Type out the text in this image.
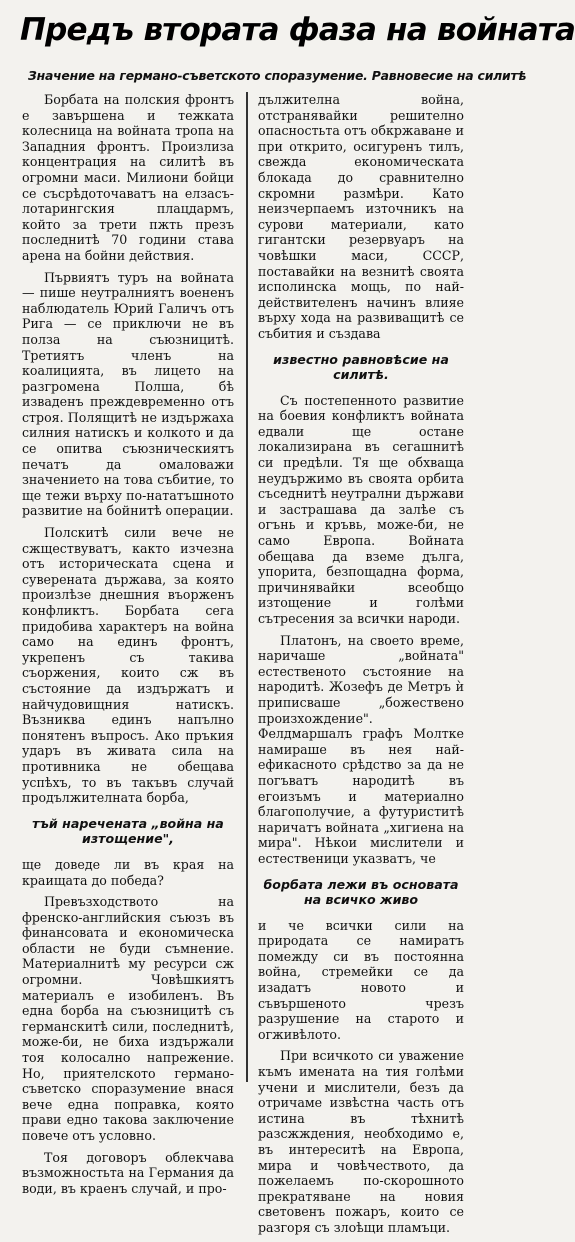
Предъ втората фаза на войната
Значение на германо-съветското споразумение. Равновесие на силитѣ

Борбата на полския фронтъ е завършена и тежката колесница на войната тропа на Западния фронтъ. Произлиза концентрация на силитѣ въ огромни маси. Милиони бойци се съсрѣдоточаватъ на елзасъ-лотарингския плацдармъ, който за трети пжть презъ последнитѣ 70 години става арена на бойни действия.

Първиятъ туръ на войната — пише неутралниятъ воененъ наблюдатель Юрий Галичъ отъ Рига — се приключи не въ полза на съюзницитѣ. Третиятъ членъ на коалицията, въ лицето на разгромена Полша, бѣ изваденъ преждевременно отъ строя. Полящитѣ не издържаха силния натискъ и колкото и да се опитва съюзническиятъ печатъ да омаловажи значението на това събитие, то ще тежи върху по-нататъшното развитие на бойнитѣ операции.

Полскитѣ сили вече не сжществуватъ, както изчезна отъ историческата сцена и суверената държава, за която произлѣзе днешния въорженъ конфликтъ. Борбата сега придобива характеръ на война само на единъ фронтъ, укрепенъ съ такива съоржения, които сж въ състояние да издържатъ и найчудовищния натискъ. Възниква единъ напълно понятенъ въпросъ. Ако пръкия ударъ въ живата сила на противника не обещава успѣхъ, то въ такъвъ случай продължителната борба,

тъй наречената „война на изтощение",

ще доведе ли въ края на краищата до победа?

Превъзходството на френско-английския съюзъ въ финансовата и економическа области не буди съмнение. Материалнитѣ му ресурси сж огромни. Човѣшкиятъ материалъ е изобиленъ. Въ една борба на съюзницитѣ съ германскитѣ сили, последнитѣ, може-би, не биха издържали тоя колосално напрежение. Но, приятелското германо-съветско споразумение внася вече една поправка, която прави едно такова заключение повече отъ условно.

Тоя договоръ облекчава възможностьта на Германия да води, въ краенъ случай, и про-

дължителна война, отстранявайки решително опасностьта отъ обкржаване и при открито, осигуренъ тилъ, свежда економическата блокада до сравнително скромни размѣри. Като неизчерпаемъ източникъ на сурови материали, като гигантски резервуаръ на човѣшки маси, СССР, поставайки на везнитѣ своята исполинска мощь, по най-действителенъ начинъ влияе върху хода на развиващитѣ се събития и създава

известно равновѣсие на силитѣ.

Съ постепенното развитие на боевия конфликтъ войната едвали ще остане локализирана въ сегашнитѣ си предѣли. Тя ще обхваща неудържимо въ своята орбита съседнитѣ неутрални държави и застрашава да залѣе съ огънь и кръвь, може-би, не само Европа. Войната обещава да вземе дълга, упорита, безпощадна форма, причинявайки всеобщо изтощение и голѣми сътресения за всички народи.

Платонъ, на своето време, наричаше „войната" естественото състояние на народитѣ. Жозефъ де Метръ ѝ приписваше „божествено произхождение". Фелдмаршалъ графъ Молтке намираше въ нея най-ефикасното срѣдство за да не погъватъ народитѣ въ егоизъмъ и материално благополучие, а футуриститѣ наричатъ войната „хигиена на мира". Нѣкои мислители и естественици указватъ, че

борбата лежи въ основата на всичко живо

и че всички сили на природата се намиратъ помежду си въ постоянна война, стремейки се да изадатъ новото и съвършеното чрезъ разрушение на старото и огживѣлото.

При всичкото си уважение къмъ имената на тия голѣми учени и мислители, безъ да отричаме извѣстна часть отъ истина въ тѣхнитѣ разсжждения, необходимо е, въ интереситѣ на Европа, мира и човѣчеството, да пожелаемъ по-скорошното прекратяване на новия световенъ пожаръ, които се разгоря съ злоѣщи пламъци.
